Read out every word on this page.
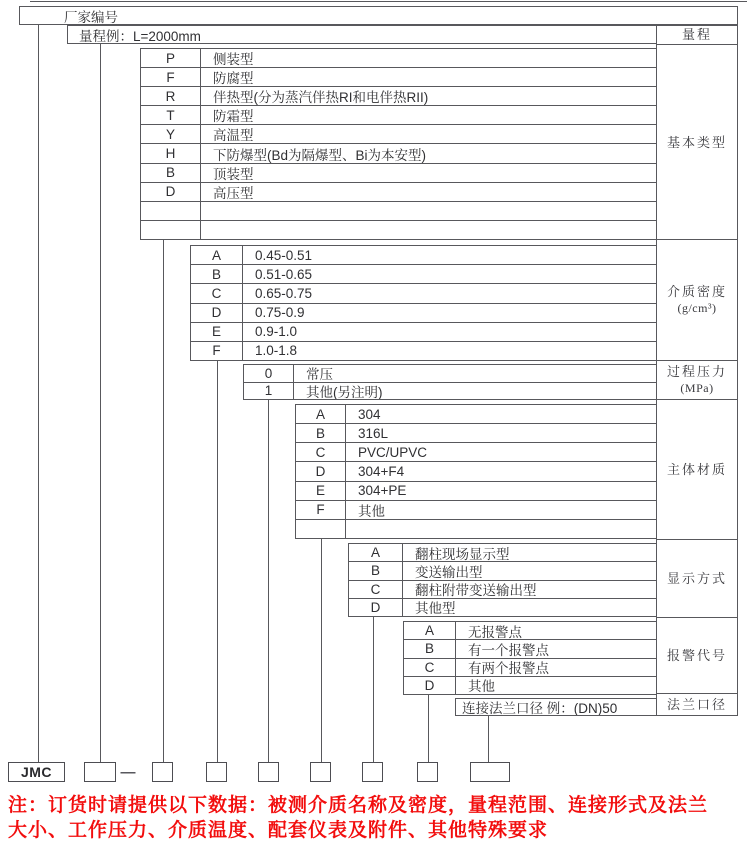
厂家编号
量程例：L=2000mm	量程
基本类型
介质密度
(g/cm³)
过程压力
(MPa)
主体材质
显示方式
报警代号
法兰口径
P	侧装型
F	防腐型
R	伴热型(分为蒸汽伴热RI和电伴热RII)
T	防霜型
Y	高温型
H	下防爆型(Bd为隔爆型、Bi为本安型)
B	顶装型
D	高压型
A	0.45-0.51
B	0.51-0.65
C	0.65-0.75
D	0.75-0.9
E	0.9-1.0
F	1.0-1.8
0	常压
1	其他(另注明)
A	304
B	316L
C	PVC/UPVC
D	304+F4
E	304+PE
F	其他
A	翻柱现场显示型
B	变送输出型
C	翻柱附带变送输出型
D	其他型
A	无报警点
B	有一个报警点
C	有两个报警点
D	其他
连接法兰口径 例：(DN)50
JMC	—
注：订货时请提供以下数据：被测介质名称及密度，量程范围、连接形式及法兰
大小、工作压力、介质温度、配套仪表及附件、其他特殊要求
